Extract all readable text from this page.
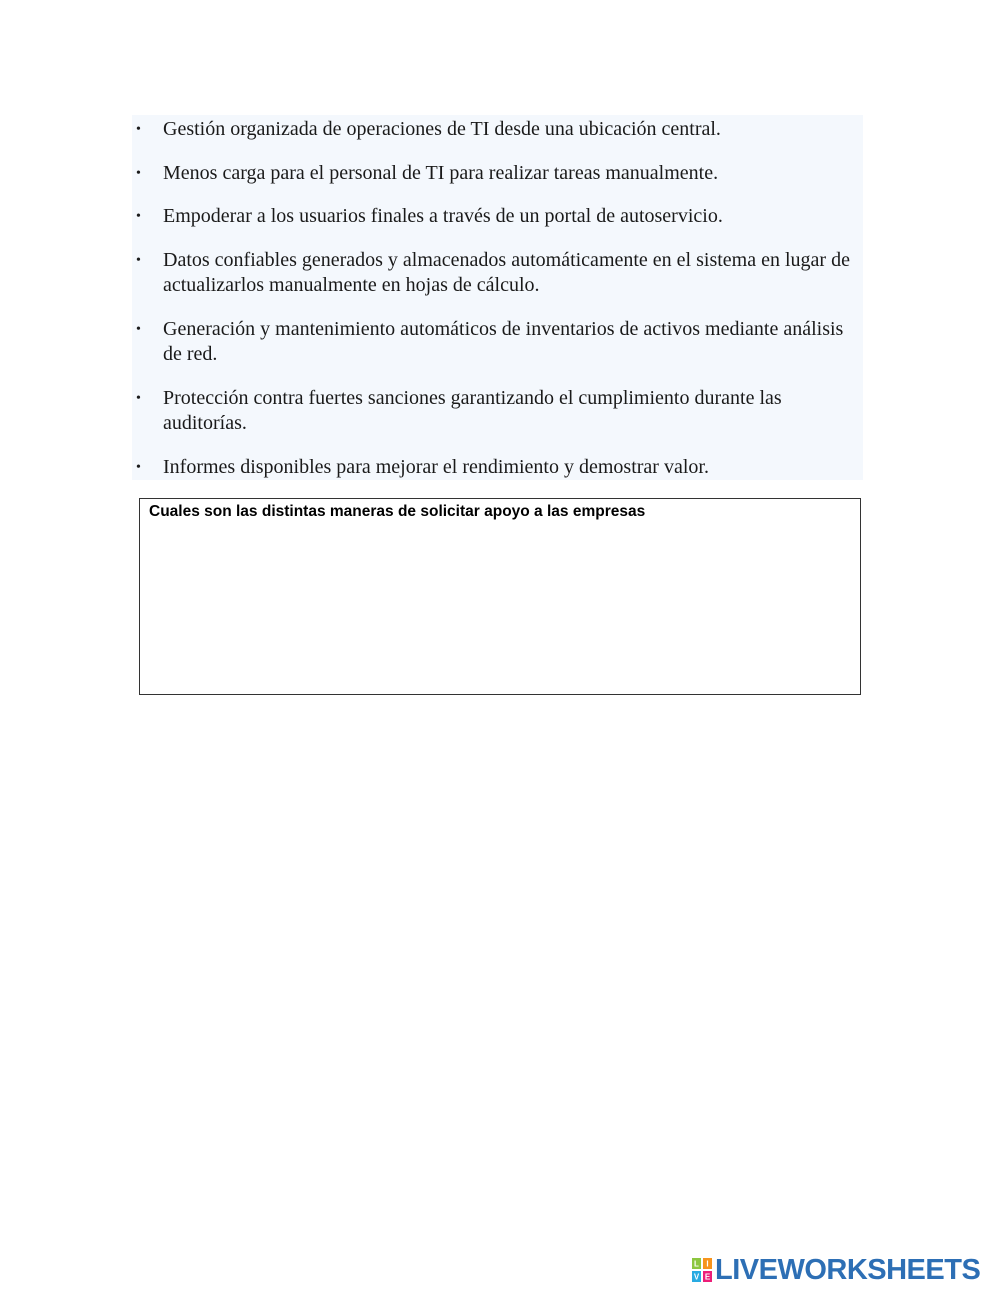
• Gestión organizada de operaciones de TI desde una ubicación central.
• Menos carga para el personal de TI para realizar tareas manualmente.
• Empoderar a los usuarios finales a través de un portal de autoservicio.
• Datos confiables generados y almacenados automáticamente en el sistema en lugar de actualizarlos manualmente en hojas de cálculo.
• Generación y mantenimiento automáticos de inventarios de activos mediante análisis de red.
• Protección contra fuertes sanciones garantizando el cumplimiento durante las auditorías.
• Informes disponibles para mejorar el rendimiento y demostrar valor.
Cuales son las distintas maneras de solicitar apoyo a las empresas
L I
V E LIVEWORKSHEETS
